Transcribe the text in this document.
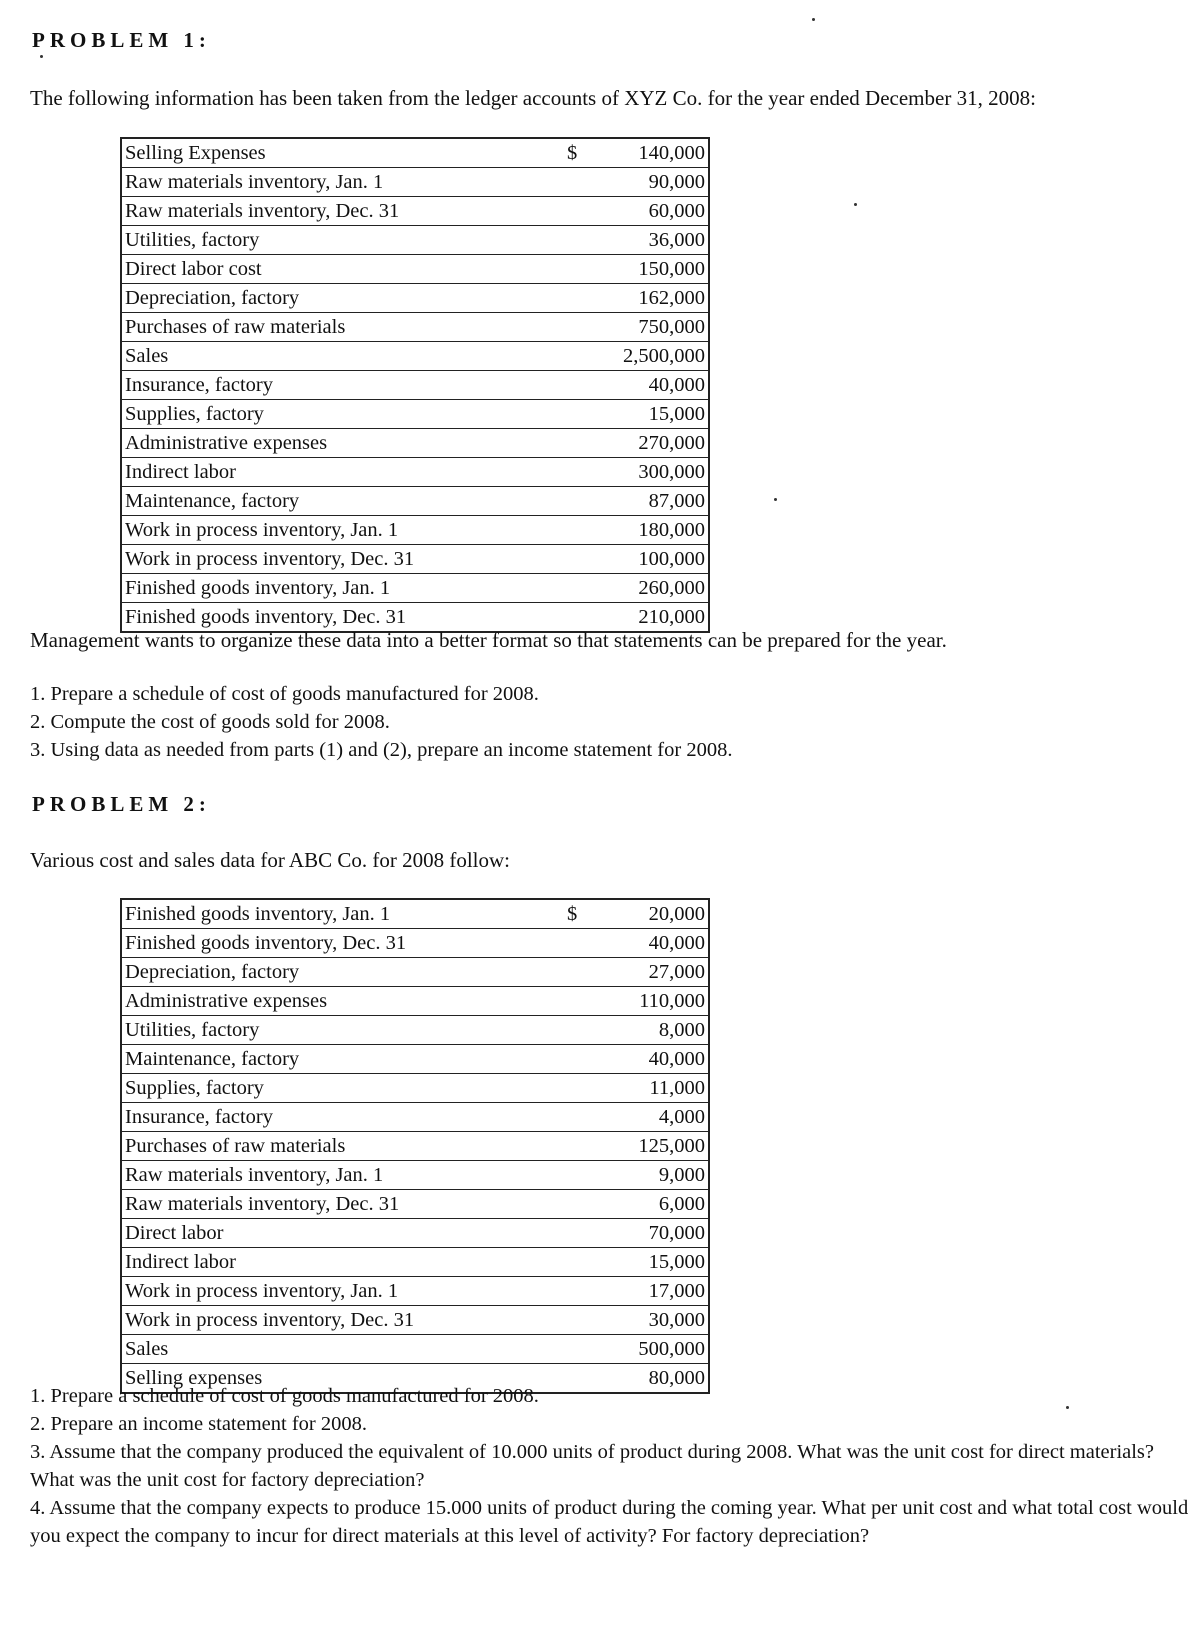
PROBLEM 1:
The following information has been taken from the ledger accounts of XYZ Co. for the year ended December 31, 2008:
Selling Expenses	$	140,000
Raw materials inventory, Jan. 1		90,000
Raw materials inventory, Dec. 31		60,000
Utilities, factory		36,000
Direct labor cost		150,000
Depreciation, factory		162,000
Purchases of raw materials		750,000
Sales		2,500,000
Insurance, factory		40,000
Supplies, factory		15,000
Administrative expenses		270,000
Indirect labor		300,000
Maintenance, factory		87,000
Work in process inventory, Jan. 1		180,000
Work in process inventory, Dec. 31		100,000
Finished goods inventory, Jan. 1		260,000
Finished goods inventory, Dec. 31		210,000
Management wants to organize these data into a better format so that statements can be prepared for the year.

1. Prepare a schedule of cost of goods manufactured for 2008.

2. Compute the cost of goods sold for 2008.

3. Using data as needed from parts (1) and (2), prepare an income statement for 2008.

PROBLEM 2:
Various cost and sales data for ABC Co. for 2008 follow:
Finished goods inventory, Jan. 1	$	20,000
Finished goods inventory, Dec. 31		40,000
Depreciation, factory		27,000
Administrative expenses		110,000
Utilities, factory		8,000
Maintenance, factory		40,000
Supplies, factory		11,000
Insurance, factory		4,000
Purchases of raw materials		125,000
Raw materials inventory, Jan. 1		9,000
Raw materials inventory, Dec. 31		6,000
Direct labor		70,000
Indirect labor		15,000
Work in process inventory, Jan. 1		17,000
Work in process inventory, Dec. 31		30,000
Sales		500,000
Selling expenses		80,000

1. Prepare a schedule of cost of goods manufactured for 2008.

2. Prepare an income statement for 2008.

3. Assume that the company produced the equivalent of 10.000 units of product during 2008. What was the unit cost for direct materials? What was the unit cost for factory depreciation?

4. Assume that the company expects to produce 15.000 units of product during the coming year. What per unit cost and what total cost would you expect the company to incur for direct materials at this level of activity? For factory depreciation?
